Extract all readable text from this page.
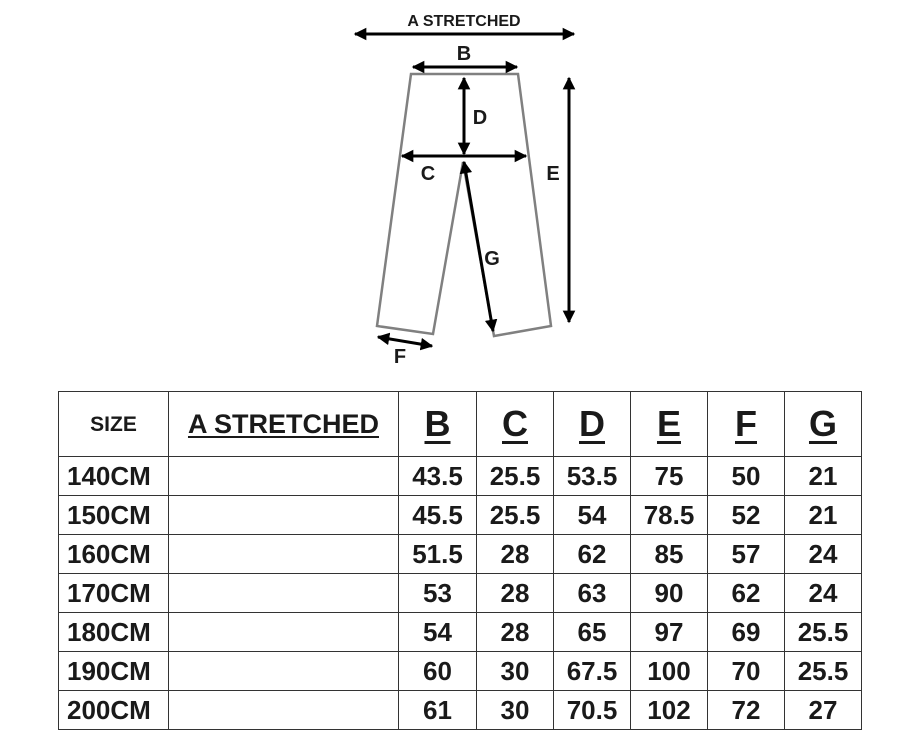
A STRETCHED
B
D
C	E
G
F
SIZE	A STRETCHED	B	C	D	E	F	G
140CM		43.5	25.5	53.5	75	50	21
150CM		45.5	25.5	54	78.5	52	21
160CM		51.5	28	62	85	57	24
170CM		53	28	63	90	62	24
180CM		54	28	65	97	69	25.5
190CM		60	30	67.5	100	70	25.5
200CM		61	30	70.5	102	72	27
